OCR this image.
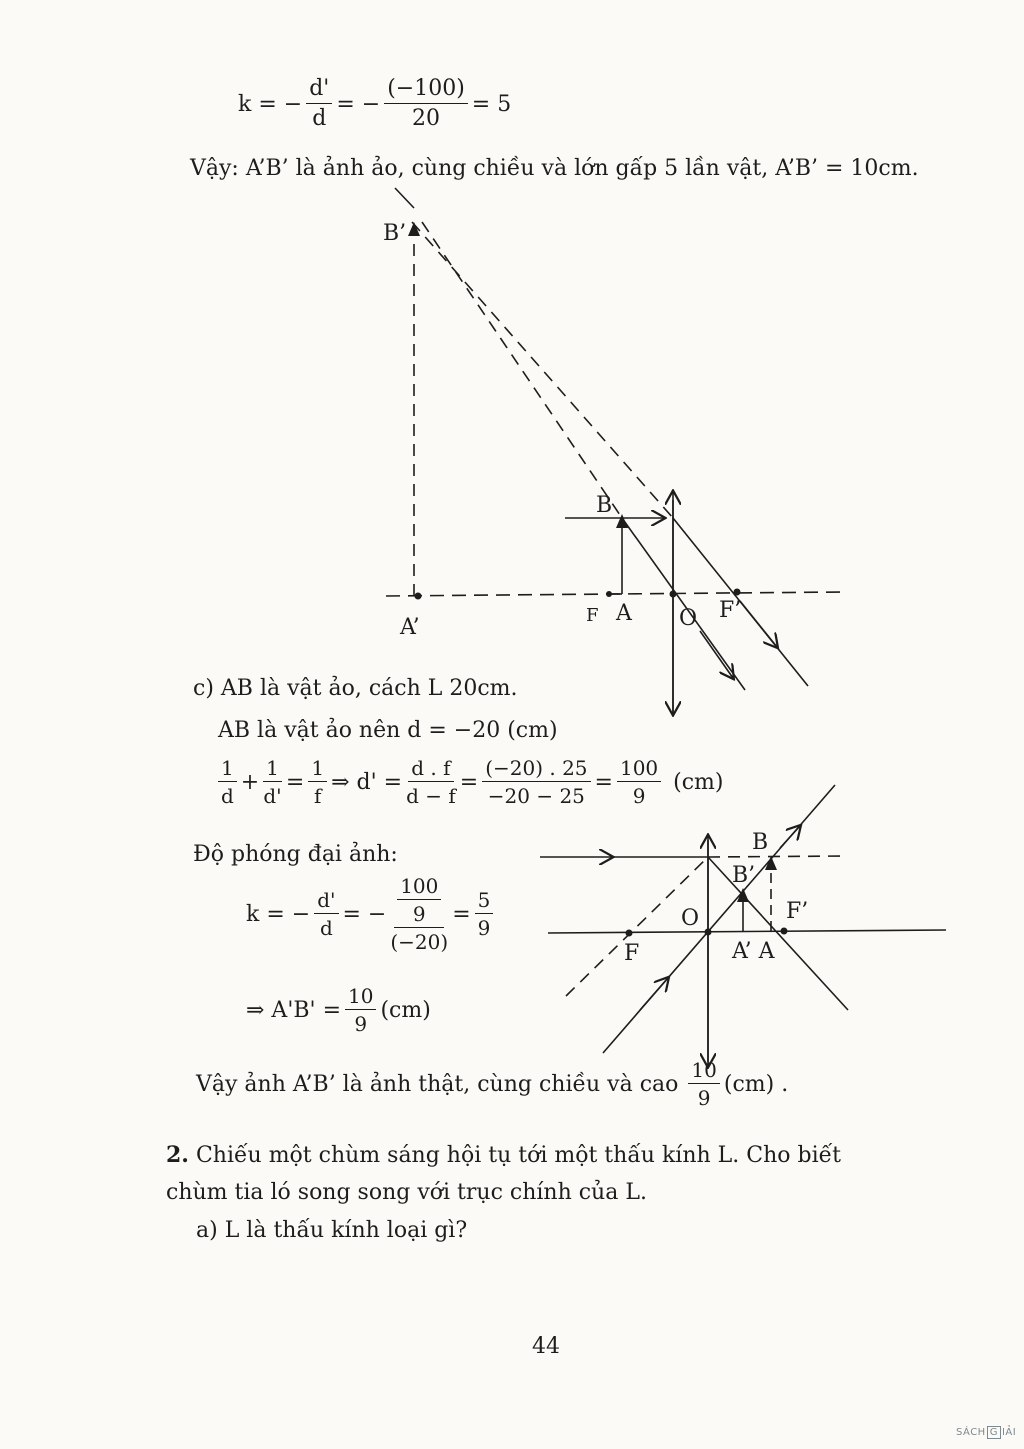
k = − $\frac{d'}{d}$ = − $\frac{(-100)}{20} = 5$
Vậy: A’B’ là ảnh ảo, cùng chiều và lớn gấp 5 lần vật, A’B’ = 10cm.
B’
A’
B
F A O F’
B
B’
O	F’
F	A’ A
c) AB là vật ảo, cách L 20cm.
AB là vật ảo nên d = −20 (cm)
$\frac{1}{d} + \frac{1}{d'} = \frac{1}{f}$ ⇒ $d' = \frac{d . f}{d - f} = \frac{(-20) . 25}{-20 - 25} = \frac{100}{9} (cm)$
Độ phóng đại ảnh:
k = − $\frac{d'}{d}$ = − $\frac{\frac{100}{9}}{(-20)} = \frac{5}{9}$
⇒ $A'B' = \frac{10}{9} (cm)$
Vậy ảnh A’B’ là ảnh thật, cùng chiều và cao $\frac{10}{9} (cm)$ .
2. Chiếu một chùm sáng hội tụ tới một thấu kính L. Cho biết
chùm tia ló song song với trục chính của L.
a) L là thấu kính loại gì?
44
SÁCH G IẢI
